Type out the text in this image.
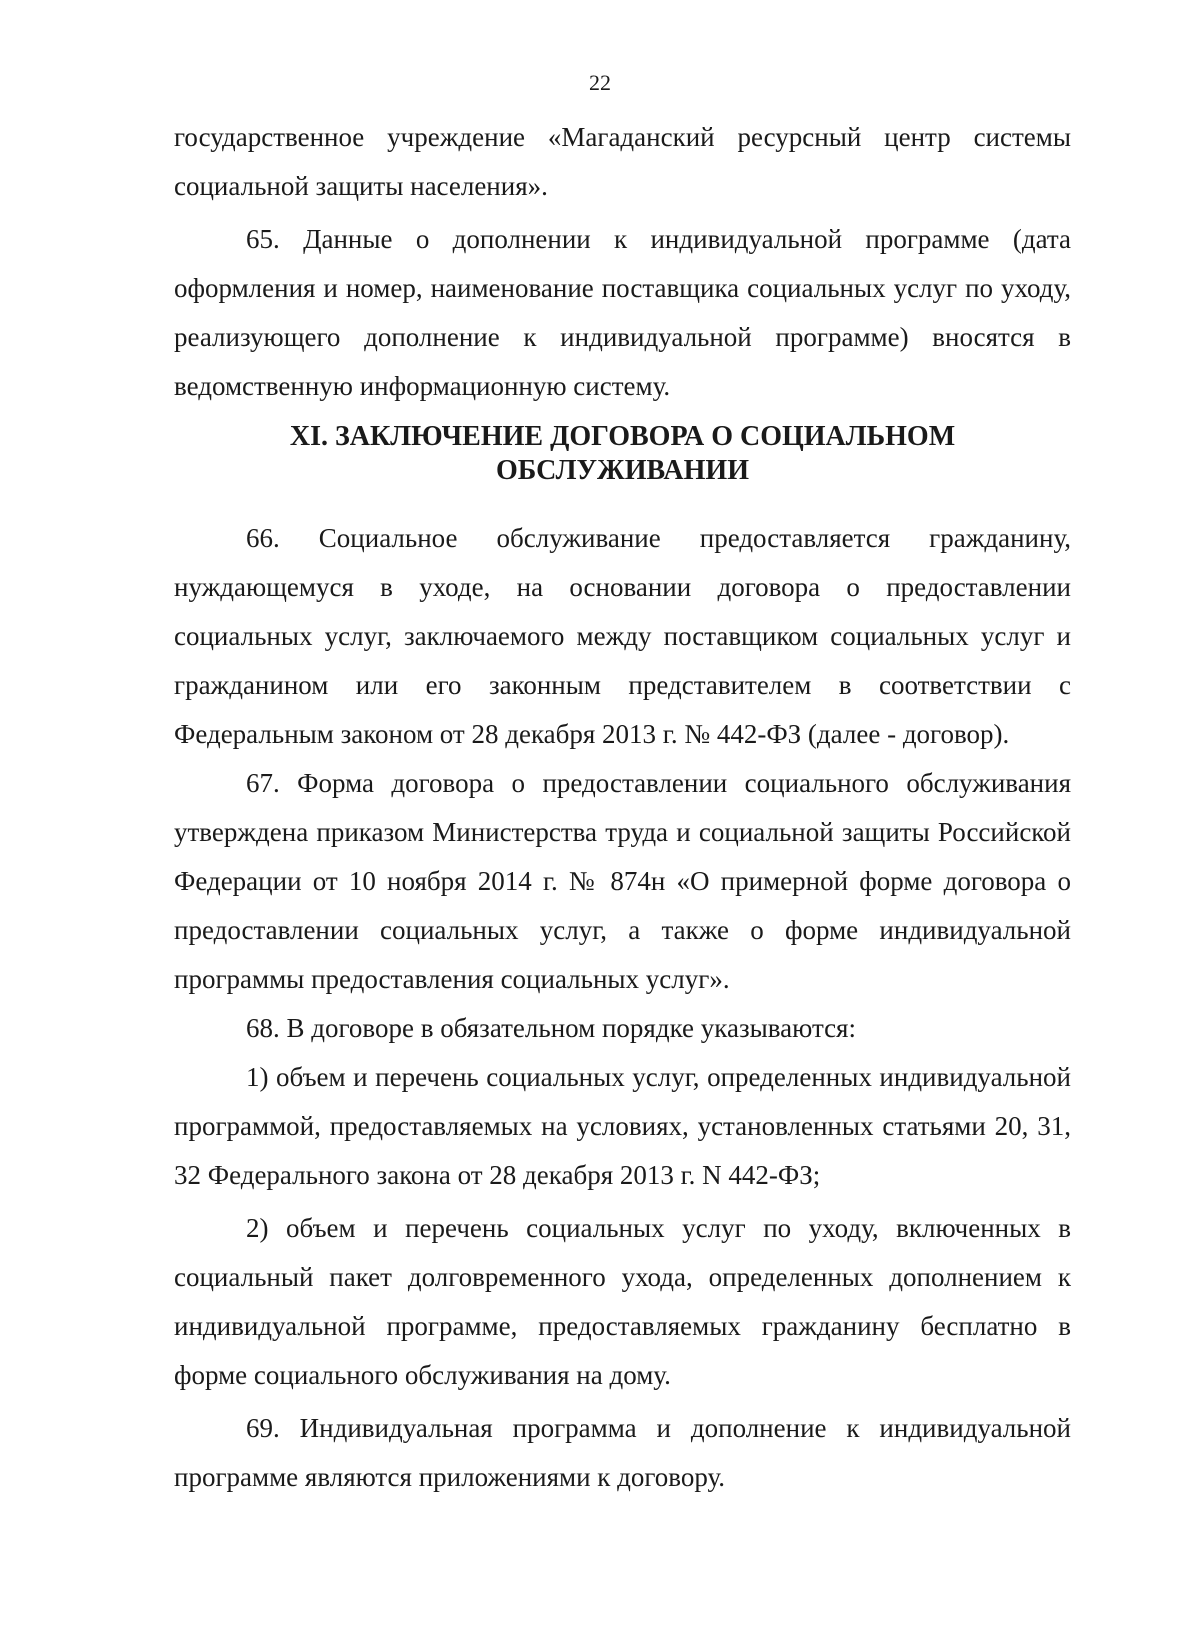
22

государственное учреждение «Магаданский ресурсный центр системы социальной защиты населения».

65. Данные о дополнении к индивидуальной программе (дата оформления и номер, наименование поставщика социальных услуг по уходу, реализующего дополнение к индивидуальной программе) вносятся в ведомственную информационную систему.

XI. ЗАКЛЮЧЕНИЕ ДОГОВОРА О СОЦИАЛЬНОМ
ОБСЛУЖИВАНИИ

66. Социальное обслуживание предоставляется гражданину, нуждающемуся в уходе, на основании договора о предоставлении социальных услуг, заключаемого между поставщиком социальных услуг и гражданином или его законным представителем в соответствии с Федеральным законом от 28 декабря 2013 г. № 442-ФЗ (далее - договор).

67. Форма договора о предоставлении социального обслуживания утверждена приказом Министерства труда и социальной защиты Российской Федерации от 10 ноября 2014 г. № 874н «О примерной форме договора о предоставлении социальных услуг, а также о форме индивидуальной программы предоставления социальных услуг».

68. В договоре в обязательном порядке указываются:

1) объем и перечень социальных услуг, определенных индивидуальной программой, предоставляемых на условиях, установленных статьями 20, 31, 32 Федерального закона от 28 декабря 2013 г. N 442-ФЗ;

2) объем и перечень социальных услуг по уходу, включенных в социальный пакет долговременного ухода, определенных дополнением к индивидуальной программе, предоставляемых гражданину бесплатно в форме социального обслуживания на дому.

69. Индивидуальная программа и дополнение к индивидуальной программе являются приложениями к договору.
